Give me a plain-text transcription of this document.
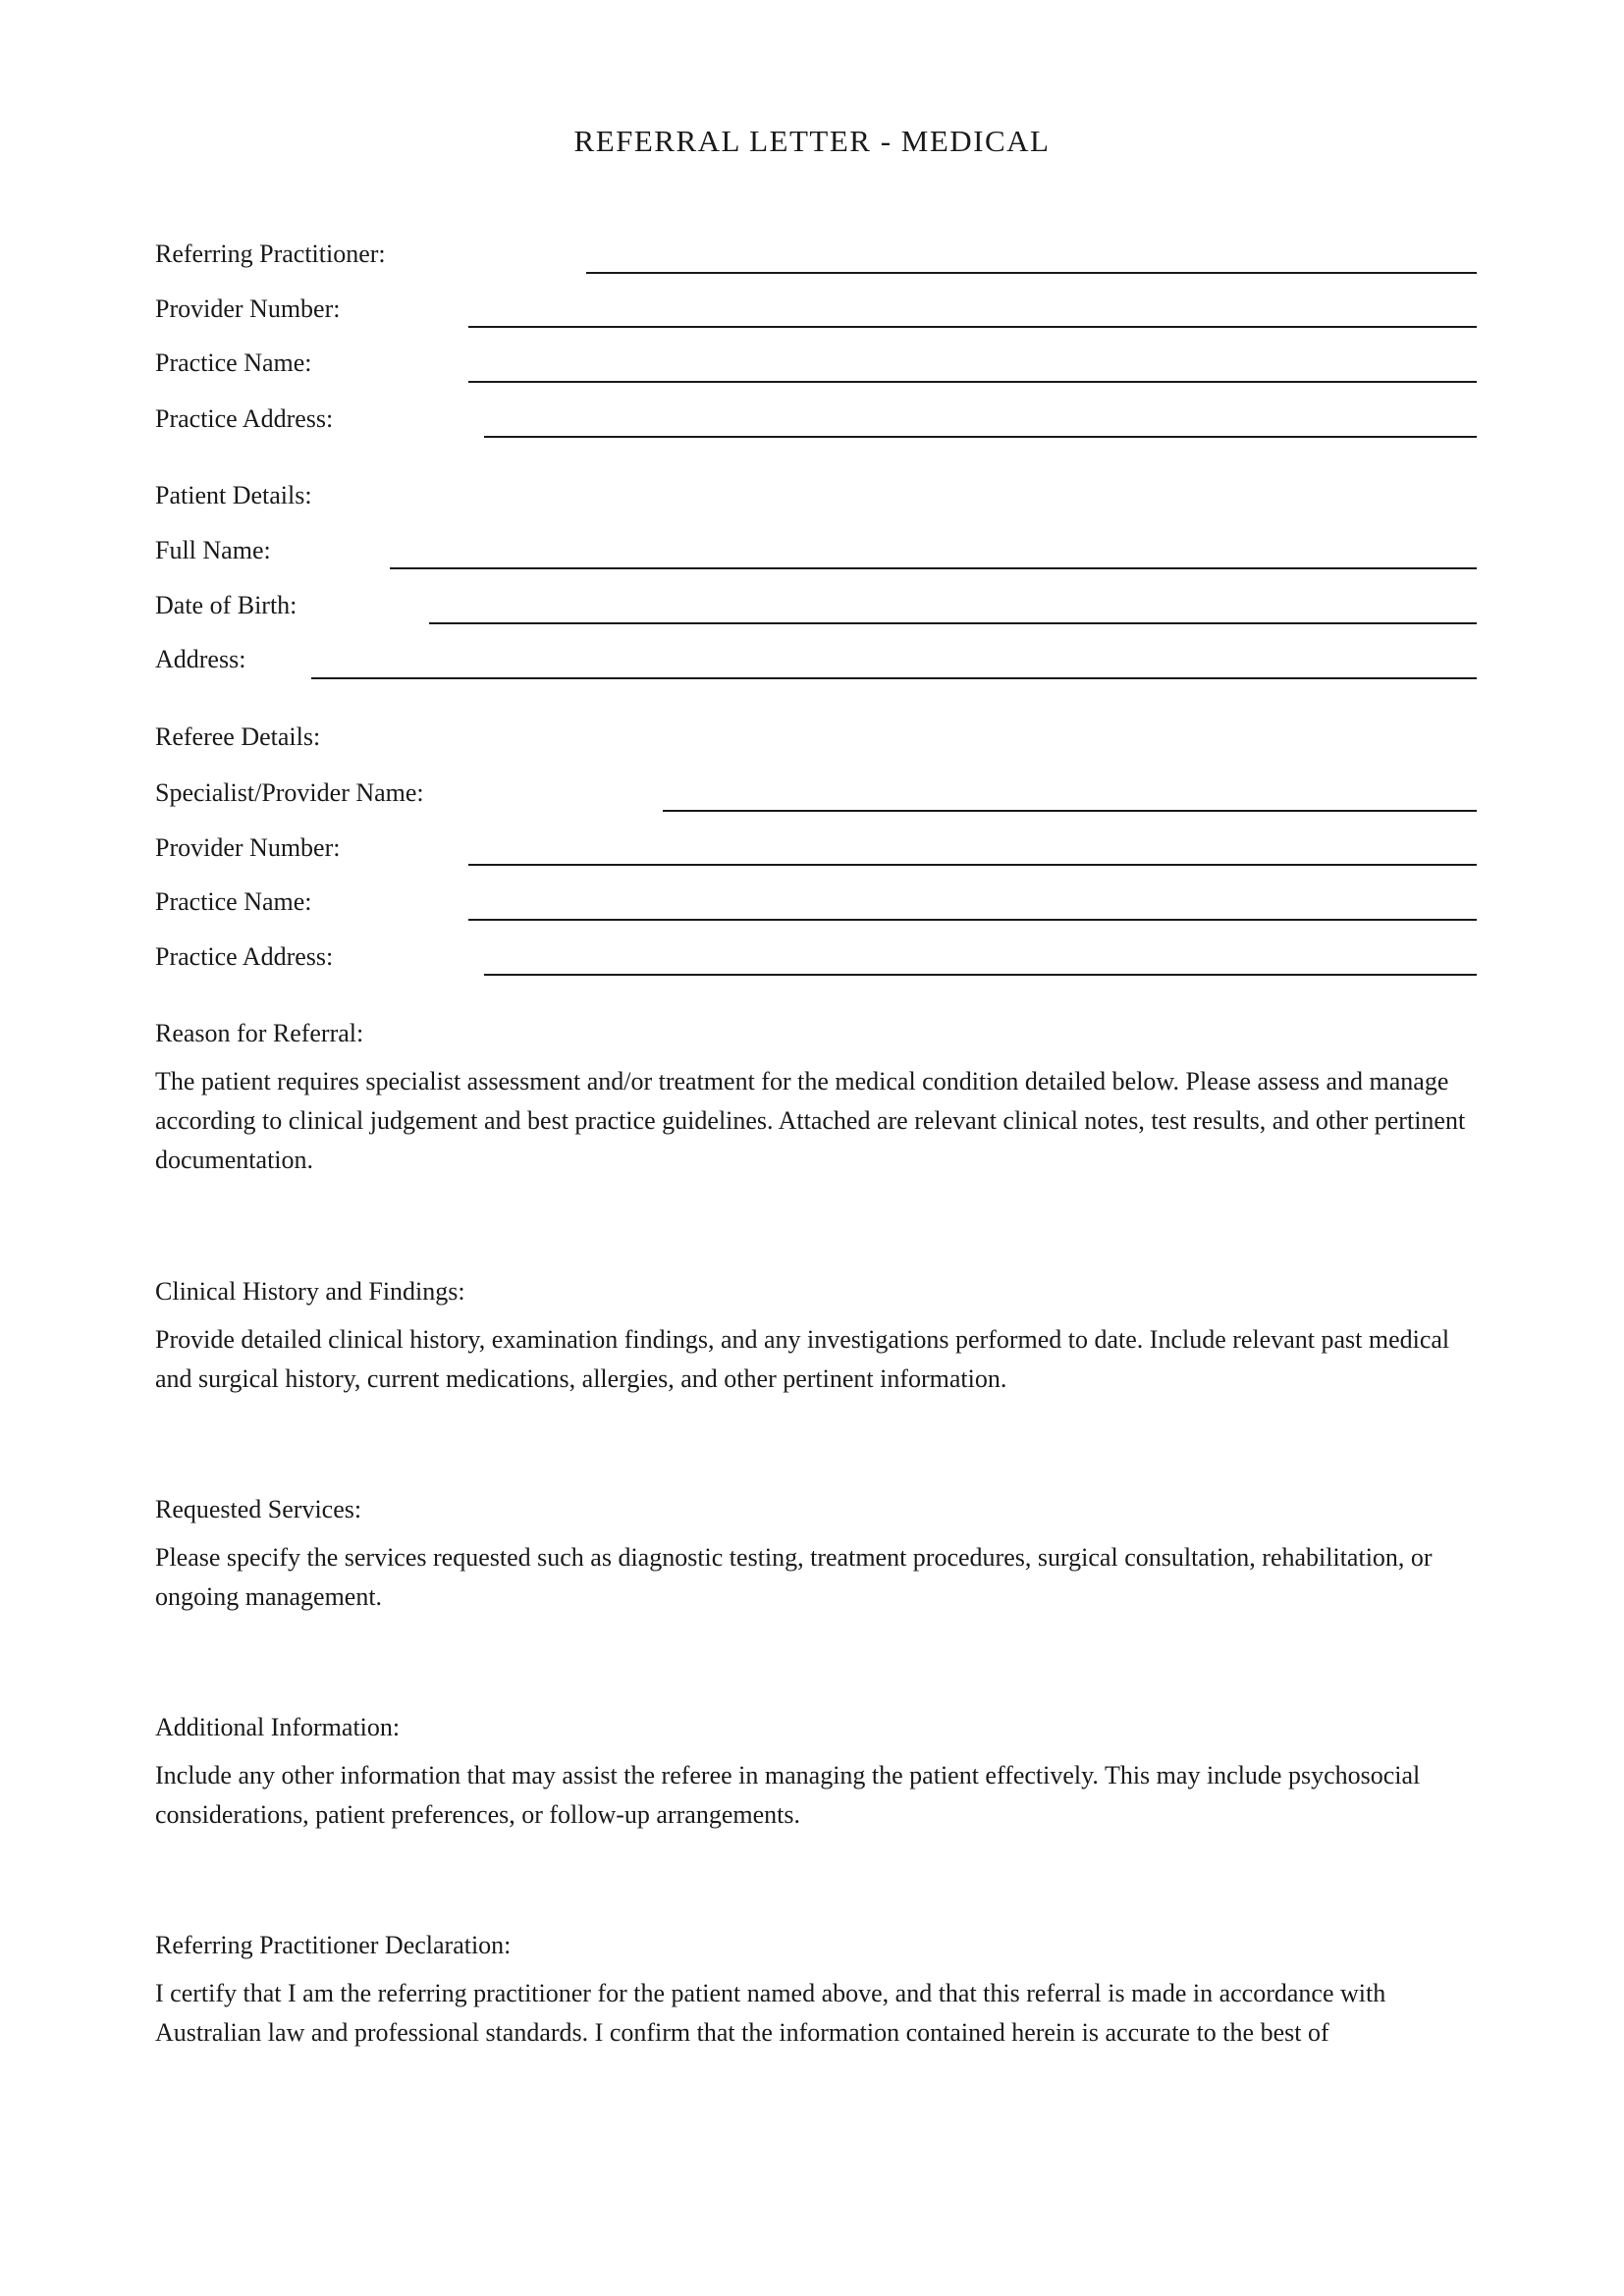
REFERRAL LETTER - MEDICAL
Referring Practitioner:
Provider Number:
Practice Name:
Practice Address:
Patient Details:
Full Name:
Date of Birth:
Address:
Referee Details:
Specialist/Provider Name:
Provider Number:
Practice Name:
Practice Address:
Reason for Referral:
The patient requires specialist assessment and/or treatment for the medical condition detailed below. Please assess and manage according to clinical judgement and best practice guidelines. Attached are relevant clinical notes, test results, and other pertinent documentation.
Clinical History and Findings:
Provide detailed clinical history, examination findings, and any investigations performed to date. Include relevant past medical and surgical history, current medications, allergies, and other pertinent information.
Requested Services:
Please specify the services requested such as diagnostic testing, treatment procedures, surgical consultation, rehabilitation, or ongoing management.
Additional Information:
Include any other information that may assist the referee in managing the patient effectively. This may include psychosocial considerations, patient preferences, or follow-up arrangements.
Referring Practitioner Declaration:
I certify that I am the referring practitioner for the patient named above, and that this referral is made in accordance with Australian law and professional standards. I confirm that the information contained herein is accurate to the best of
